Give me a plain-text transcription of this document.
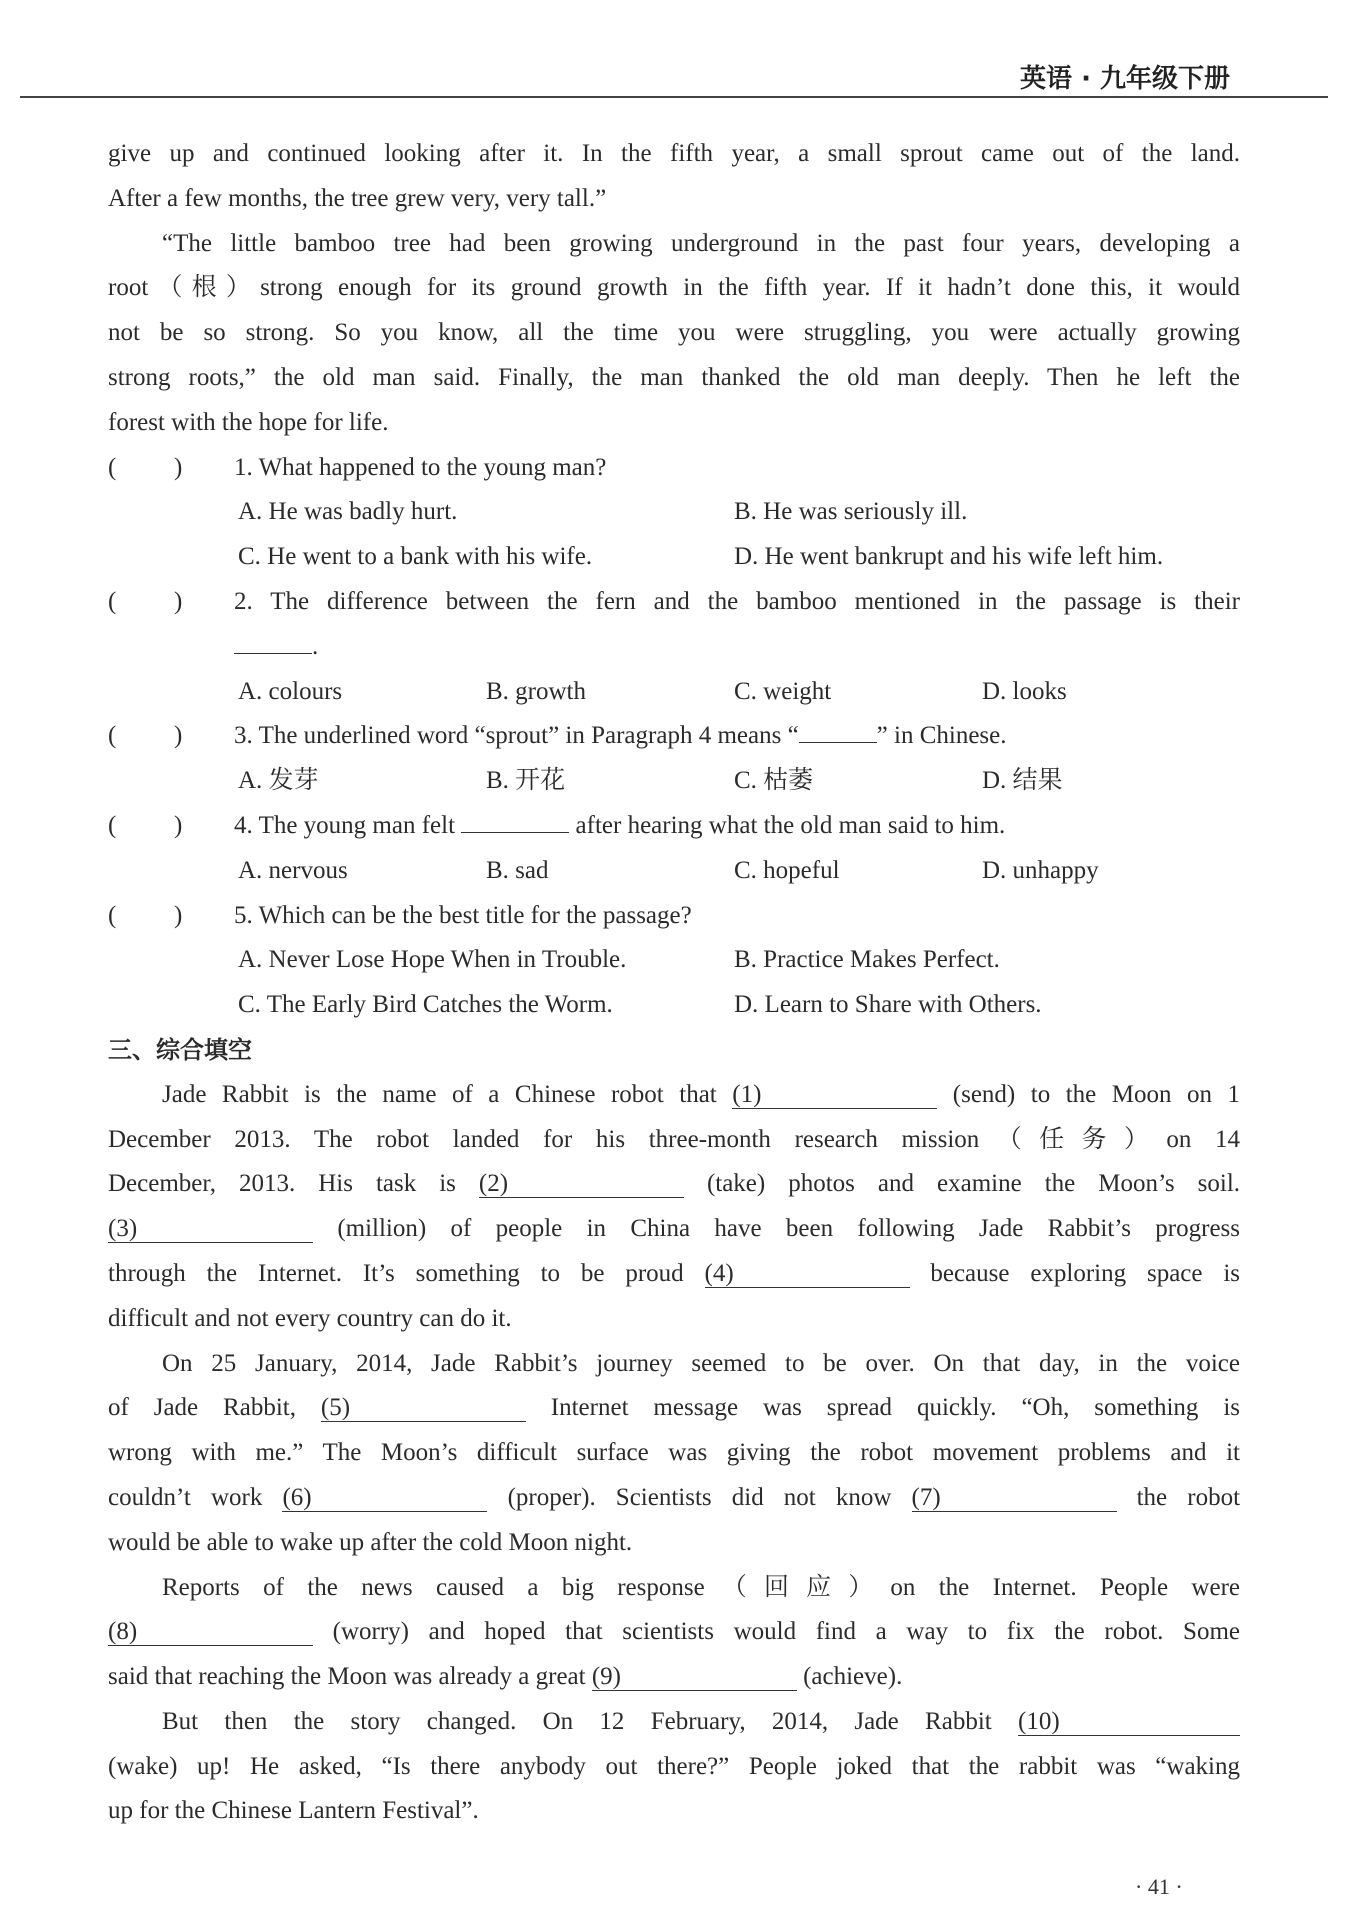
英语 · 九年级下册
give up and continued looking after it. In the fifth year, a small sprout came out of the land.
After a few months, the tree grew very, very tall.”
“The little bamboo tree had been growing underground in the past four years, developing a
root（根）strong enough for its ground growth in the fifth year. If it hadn’t done this, it would
not be so strong. So you know, all the time you were struggling, you were actually growing
strong roots,” the old man said. Finally, the man thanked the old man deeply. Then he left the
forest with the hope for life.
( ) 1. What happened to the young man?
A. He was badly hurt.	B. He was seriously ill.
C. He went to a bank with his wife.	D. He went bankrupt and his wife left him.
( ) 2. The difference between the fern and the bamboo mentioned in the passage is their
.
A. colours	B. growth	C. weight	D. looks
( ) 3. The underlined word “sprout” in Paragraph 4 means “	” in Chinese.
A. 发芽	B. 开花	C. 枯萎	D. 结果
( ) 4. The young man felt	after hearing what the old man said to him.
A. nervous	B. sad	C. hopeful	D. unhappy
( ) 5. Which can be the best title for the passage?
A. Never Lose Hope When in Trouble.	B. Practice Makes Perfect.
C. The Early Bird Catches the Worm.	D. Learn to Share with Others.
三、综合填空
Jade Rabbit is the name of a Chinese robot that (1)	(send) to the Moon on 1
December 2013. The robot landed for his three-month research mission（任务）on 14
December, 2013. His task is (2)	(take) photos and examine the Moon’s soil.
(3)	(million) of people in China have been following Jade Rabbit’s progress
through the Internet. It’s something to be proud (4)	because exploring space is
difficult and not every country can do it.
On 25 January, 2014, Jade Rabbit’s journey seemed to be over. On that day, in the voice
of Jade Rabbit, (5)	Internet message was spread quickly. “Oh, something is
wrong with me.” The Moon’s difficult surface was giving the robot movement problems and it
couldn’t work (6)	(proper). Scientists did not know (7)	the robot
would be able to wake up after the cold Moon night.
Reports of the news caused a big response（回应）on the Internet. People were
(8)	(worry) and hoped that scientists would find a way to fix the robot. Some
said that reaching the Moon was already a great (9)	(achieve).
But then the story changed. On 12 February, 2014, Jade Rabbit (10)
(wake) up! He asked, “Is there anybody out there?” People joked that the rabbit was “waking
up for the Chinese Lantern Festival”.
· 41 ·
